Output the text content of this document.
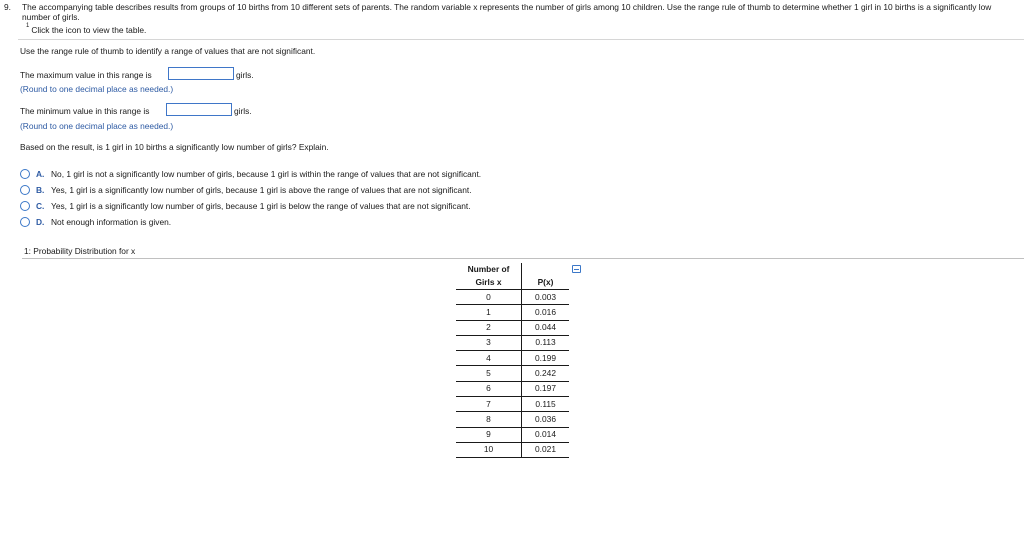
9. The accompanying table describes results from groups of 10 births from 10 different sets of parents. The random variable x represents the number of girls among 10 children. Use the range rule of thumb to determine whether 1 girl in 10 births is a significantly low number of girls.
$^1$ Click the icon to view the table.
Use the range rule of thumb to identify a range of values that are not significant.
The maximum value in this range is	girls.
(Round to one decimal place as needed.)
The minimum value in this range is	girls.
(Round to one decimal place as needed.)
Based on the result, is 1 girl in 10 births a significantly low number of girls? Explain.
A. No, 1 girl is not a significantly low number of girls, because 1 girl is within the range of values that are not significant.
B. Yes, 1 girl is a significantly low number of girls, because 1 girl is above the range of values that are not significant.
C. Yes, 1 girl is a significantly low number of girls, because 1 girl is below the range of values that are not significant.
D. Not enough information is given.
1: Probability Distribution for x
Number of
Girls x	P(x)
0	0.003
1	0.016
2	0.044
3	0.113
4	0.199
5	0.242
6	0.197
7	0.115
8	0.036
9	0.014
10	0.021
